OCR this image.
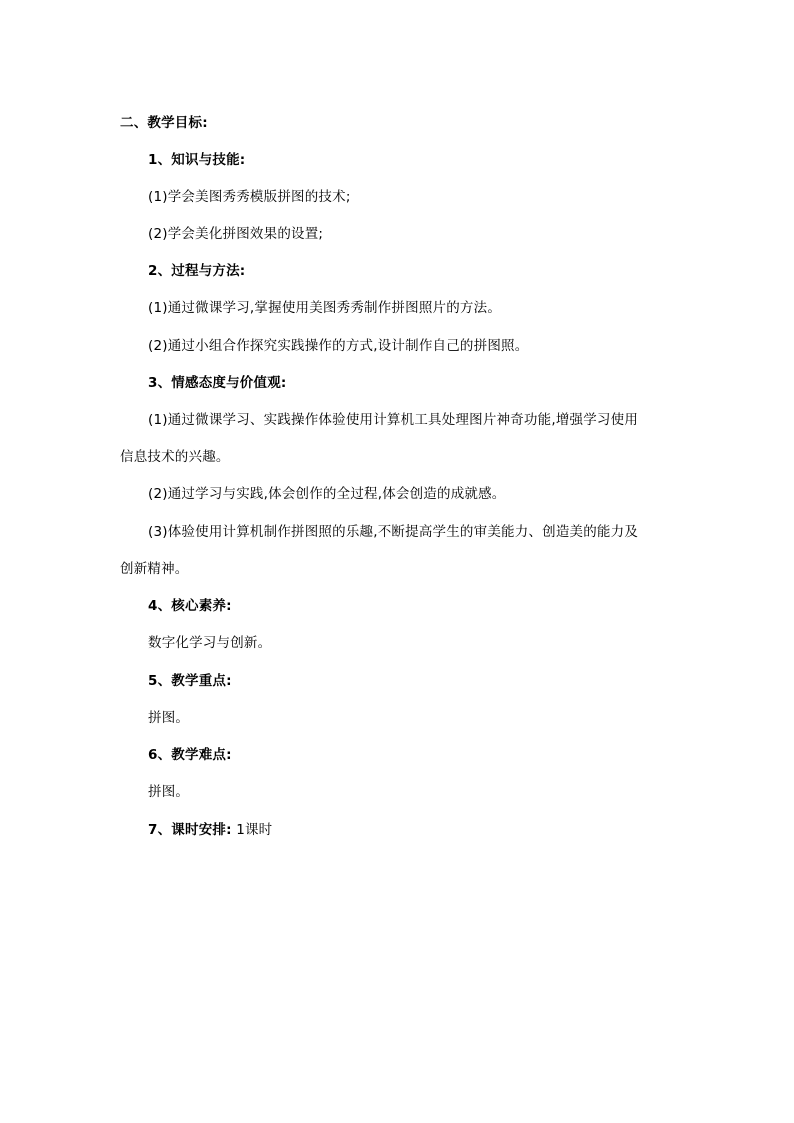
二、教学目标:
1、知识与技能:
(1)学会美图秀秀模版拼图的技术;
(2)学会美化拼图效果的设置;
2、过程与方法:
(1)通过微课学习,掌握使用美图秀秀制作拼图照片的方法。
(2)通过小组合作探究实践操作的方式,设计制作自己的拼图照。
3、情感态度与价值观:
(1)通过微课学习、实践操作体验使用计算机工具处理图片神奇功能,增强学习使用
信息技术的兴趣。
(2)通过学习与实践,体会创作的全过程,体会创造的成就感。
(3)体验使用计算机制作拼图照的乐趣,不断提高学生的审美能力、创造美的能力及
创新精神。
4、核心素养:
数字化学习与创新。
5、教学重点:
拼图。
6、教学难点:
拼图。
7、课时安排: 1课时
